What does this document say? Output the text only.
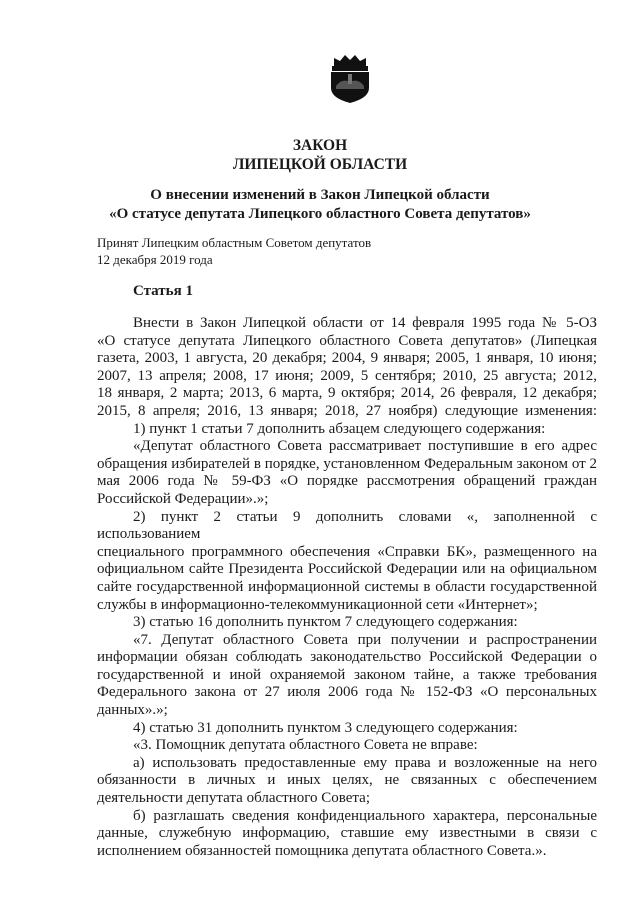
ЗАКОН
ЛИПЕЦКОЙ ОБЛАСТИ
О внесении изменений в Закон Липецкой области
«О статусе депутата Липецкого областного Совета депутатов»
Принят Липецким областным Советом депутатов
12 декабря 2019 года
Статья 1

Внести в Закон Липецкой области от 14 февраля 1995 года № 5-ОЗ

«О статусе депутата Липецкого областного Совета депутатов» (Липецкая

газета, 2003, 1 августа, 20 декабря; 2004, 9 января; 2005, 1 января, 10 июня;

2007, 13 апреля; 2008, 17 июня; 2009, 5 сентября; 2010, 25 августа; 2012,

18 января, 2 марта; 2013, 6 марта, 9 октября; 2014, 26 февраля, 12 декабря;

2015, 8 апреля; 2016, 13 января; 2018, 27 ноября) следующие изменения:

1) пункт 1 статьи 7 дополнить абзацем следующего содержания:

«Депутат областного Совета рассматривает поступившие в его адрес

обращения избирателей в порядке, установленном Федеральным законом от 2

мая 2006 года № 59-ФЗ «О порядке рассмотрения обращений граждан

Российской Федерации».»;

2) пункт 2 статьи 9 дополнить словами «, заполненной с использованием

специального программного обеспечения «Справки БК», размещенного на

официальном сайте Президента Российской Федерации или на официальном

сайте государственной информационной системы в области государственной

службы в информационно-телекоммуникационной сети «Интернет»;

3) статью 16 дополнить пунктом 7 следующего содержания:

«7. Депутат областного Совета при получении и распространении

информации обязан соблюдать законодательство Российской Федерации о

государственной и иной охраняемой законом тайне, а также требования

Федерального закона от 27 июля 2006 года № 152-ФЗ «О персональных

данных».»;

4) статью 31 дополнить пунктом 3 следующего содержания:

«3. Помощник депутата областного Совета не вправе:

а) использовать предоставленные ему права и возложенные на него

обязанности в личных и иных целях, не связанных с обеспечением

деятельности депутата областного Совета;

б) разглашать сведения конфиденциального характера, персональные

данные, служебную информацию, ставшие ему известными в связи с

исполнением обязанностей помощника депутата областного Совета.».
